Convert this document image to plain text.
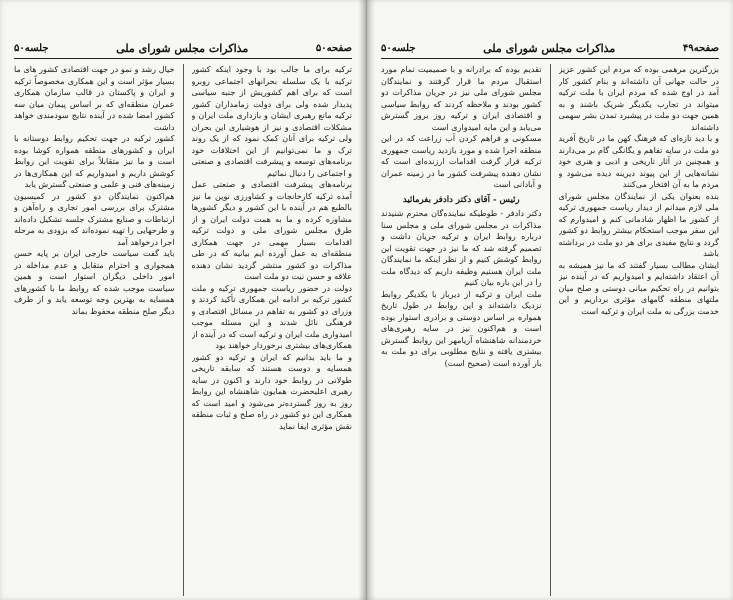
صفحه۵۰
مذاکرات مجلس شورای ملی
جلسه۵۰

ترکیه برای ما جالب بود با وجود اینکه کشور ترکیه با یک سلسله بحرانهای اجتماعی روبرو است که برای اهم کشوریش از جنبه سیاسی پدیدار شده ولی برای دولت زمامداران کشور ترکیه مانع رهبری ایشان و بازداری ملت ایران و مشکلات اقتصادی و نیز از هوشیاری این بحران ولی ترکیه برای آنان کمک نمود که از یک روند ترک و ما نمی‌توانیم از این اختلافات خود برنامه‌های توسعه و پیشرفت اقتصادی و صنعتی و اجتماعی را دنبال نمائیم

برنامه‌های پیشرفت اقتصادی و صنعتی عمل آمده ترکیه کارخانجات و کشاورزی نوین ما نیز بالطبع هم در آینده با این کشور و دیگر کشورها مشاوره کرده و ما به همت دولت ایران و از طرق مجلس شورای ملی و دولت ترکیه اقدامات بسیار مهمی در جهت همکاری منطقه‌ای به عمل آورده ایم بیانیه که در طی مذاکرات دو کشور منتشر گردید نشان دهنده علاقه و حسن نیت دو ملت است

دولت در حضور ریاست جمهوری ترکیه و ملت کشور ترکیه بر ادامه این همکاری تأکید کردند و وزرای دو کشور به تفاهم در مسائل اقتصادی و فرهنگی نائل شدند و این مسئله موجب امیدواری ملت ایران و ترکیه است که در آینده از همکاری‌های بیشتری برخوردار خواهند بود

و ما باید بدانیم که ایران و ترکیه دو کشور همسایه و دوست هستند که سابقه تاریخی طولانی در روابط خود دارند و اکنون در سایه رهبری اعلیحضرت همایون شاهنشاه این روابط روز به روز گسترده‌تر می‌شود و امید است که همکاری این دو کشور در راه صلح و ثبات منطقه نقش مؤثری ایفا نماید

خیال رشد و نمو در جهت اقتصادی کشور های ما بسیار مؤثر است و این همکاری مخصوصاً ترکیه و ایران و پاکستان در قالب سازمان همکاری عمران منطقه‌ای که بر اساس پیمان میان سه کشور امضا شده در آینده نتایج سودمندی خواهد داشت

کشور ترکیه در جهت تحکیم روابط دوستانه با ایران و کشورهای منطقه همواره کوشا بوده است و ما نیز متقابلاً برای تقویت این روابط کوشش داریم و امیدواریم که این همکاری‌ها در زمینه‌های فنی و علمی و صنعتی گسترش یابد

هم‌اکنون نمایندگان دو کشور در کمیسیون مشترک برای بررسی امور تجاری و راه‌آهن و ارتباطات و صنایع مشترک جلسه تشکیل داده‌اند و طرحهایی را تهیه نموده‌اند که بزودی به مرحله اجرا درخواهد آمد

باید گفت سیاست خارجی ایران بر پایه حسن همجواری و احترام متقابل و عدم مداخله در امور داخلی دیگران استوار است و همین سیاست موجب شده که روابط ما با کشورهای همسایه به بهترین وجه توسعه یابد و از طرف دیگر صلح منطقه محفوظ بماند

صفحه۴۹
مذاکرات مجلس شورای ملی
جلسه۵۰

بزرگترین مرهمی بوده که مردم این کشور عزیز در حالت جهانی آن داشته‌اند و بنام کشور کار آمد در اوج شده که مردم ایران با ملت ترکیه میتواند در تجارب یکدیگر شریک باشند و به همین جهت دو ملت در پیشبرد تمدن بشر سهمی داشته‌اند

و با دید تازه‌ای که فرهنگ کهن ما در تاریخ آفرید دو ملت در سایه تفاهم و یگانگی گام بر می‌دارند و همچنین در آثار تاریخی و ادبی و هنری خود نشانه‌هایی از این پیوند دیرینه دیده می‌شود و مردم ما به آن افتخار می‌کنند

بنده بعنوان یکی از نمایندگان مجلس شورای ملی لازم میدانم از دیدار ریاست جمهوری ترکیه از کشور ما اظهار شادمانی کنم و امیدوارم که این سفر موجب استحکام بیشتر روابط دو کشور گردد و نتایج مفیدی برای هر دو ملت در برداشته باشد

ایشان مطالب بسیار گفتند که ما نیز همیشه به آن اعتقاد داشته‌ایم و امیدواریم که در آینده نیز بتوانیم در راه تحکیم مبانی دوستی و صلح میان ملتهای منطقه گامهای مؤثری برداریم و این خدمت بزرگی به ملت ایران و ترکیه است

تقدیم بوده که برادرانه و با صمیمیت تمام مورد استقبال مردم ما قرار گرفتند و نمایندگان مجلس شورای ملی نیز در جریان مذاکرات دو کشور بودند و ملاحظه کردند که روابط سیاسی و اقتصادی ایران و ترکیه روز بروز گسترش می‌یابد و این مایه امیدواری است

مسکونی و فراهم کردن آب زراعت که در این منطقه اجرا شده و مورد بازدید ریاست جمهوری ترکیه قرار گرفت اقدامات ارزنده‌ای است که نشان دهنده پیشرفت کشور ما در زمینه عمران و آبادانی است

رئیس - آقای دکتر دادفر بفرمائید

دکتر دادفر - طوطیکه نماینده‌گان محترم شنیدند مذاکرات در مجلس شورای ملی و مجلس سنا درباره روابط ایران و ترکیه جریان داشت و تصمیم گرفته شد که ما نیز در جهت تقویت این روابط کوشش کنیم و از نظر اینکه ما نمایندگان ملت ایران هستیم وظیفه داریم که دیدگاه ملت را در این باره بیان کنیم

ملت ایران و ترکیه از دیرباز با یکدیگر روابط نزدیک داشته‌اند و این روابط در طول تاریخ همواره بر اساس دوستی و برادری استوار بوده است و هم‌اکنون نیز در سایه رهبری‌های خردمندانه شاهنشاه آریامهر این روابط گسترش بیشتری یافته و نتایج مطلوبی برای دو ملت به بار آورده است (صحیح است)
